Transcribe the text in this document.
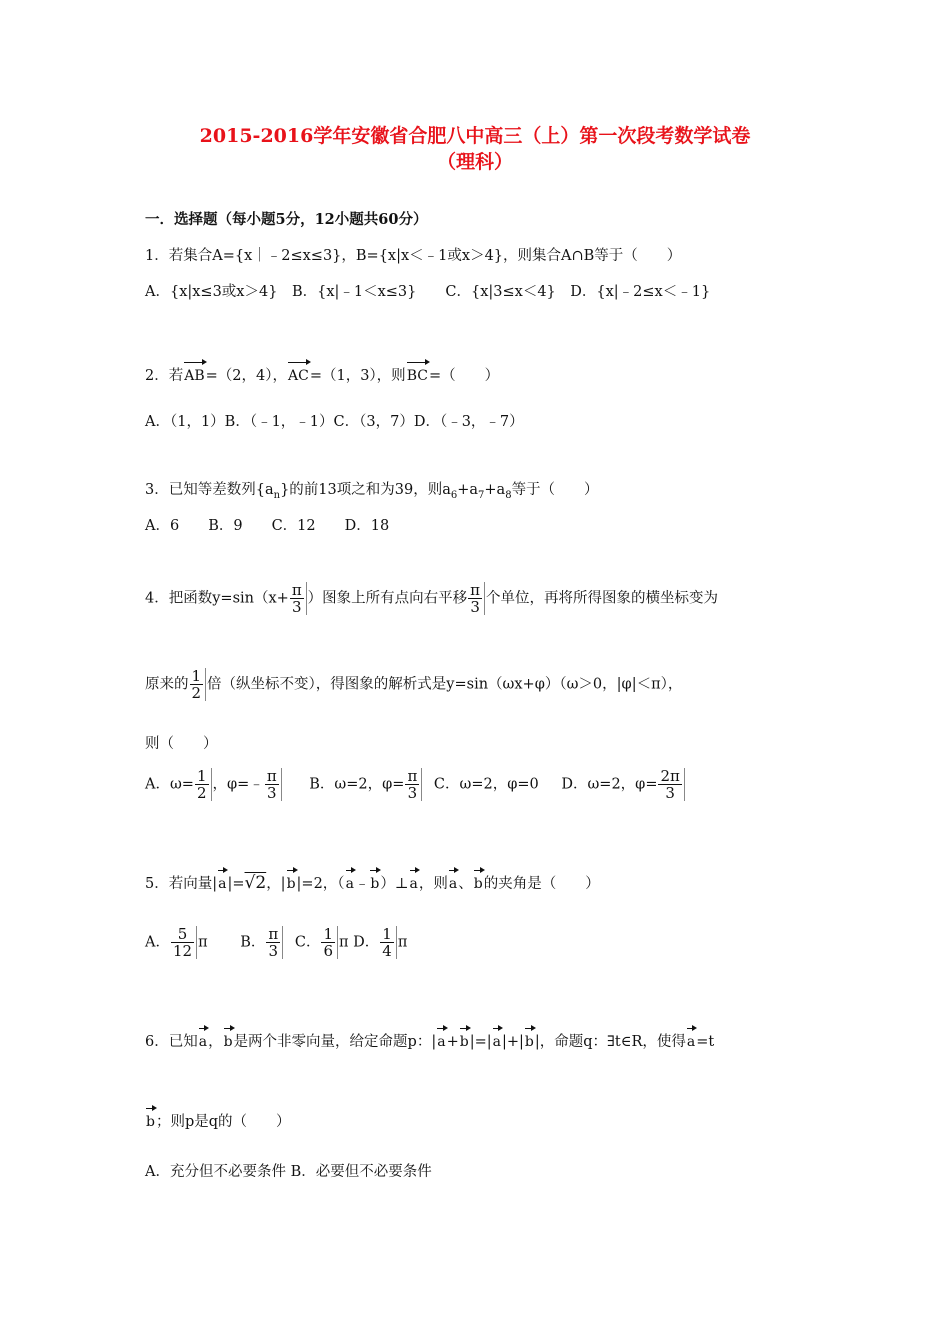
2015-2016学年安徽省合肥八中高三（上）第一次段考数学试卷
（理科）
一．选择题（每小题5分，12小题共60分）
1．若集合A={x｜﹣2≤x≤3}，B={x|x＜﹣1或x＞4}，则集合A∩B等于（　　）
A．{x|x≤3或x＞4}　B．{x|﹣1＜x≤3}　　C．{x|3≤x＜4}　D．{x|﹣2≤x＜﹣1}
2．若AB=（2，4），AC=（1，3），则BC=（　　）
A．（1，1）B．（﹣1，﹣1）C．（3，7）D．（﹣3，﹣7）
3．已知等差数列$\{a_n\}$的前13项之和为39，则$a_6+a_7+a_8$等于（　　）
A．6　　B．9　　C．12　　D．18
4．把函数$y=\sin(x+ \frac{\pi}{3}$ ）图象上所有点向右平移 $\frac{\pi}{3}$ 个单位，再将所得图象的横坐标变为
原来的 $\frac{1}{2}$ 倍（纵坐标不变），得图象的解析式是y=sin（ωx+φ）（ω＞0，|φ|＜π），
则（　　）
A．$\omega= \frac{1}{2}$ ，φ=﹣ $\frac{\pi}{3}$ B．ω=2，$\varphi= \frac{\pi}{3}$ C．ω=2，φ=0 D．ω=2，$\varphi= \frac{2\pi}{3}$
5．若向量|a|=√2，|b|=2，（a﹣b）⊥a，则a、b的夹角是（　　）
A． $\frac{5}{12}$ π B． $\frac{\pi}{3}$ C． $\frac{1}{6}$ π D． $\frac{1}{4}$ π
6．已知a，b是两个非零向量，给定命题p：|a+b|=|a|+|b|，命题q：∃t∈R，使得a=t
b；则p是q的（　　）
A．充分但不必要条件 B．必要但不必要条件
